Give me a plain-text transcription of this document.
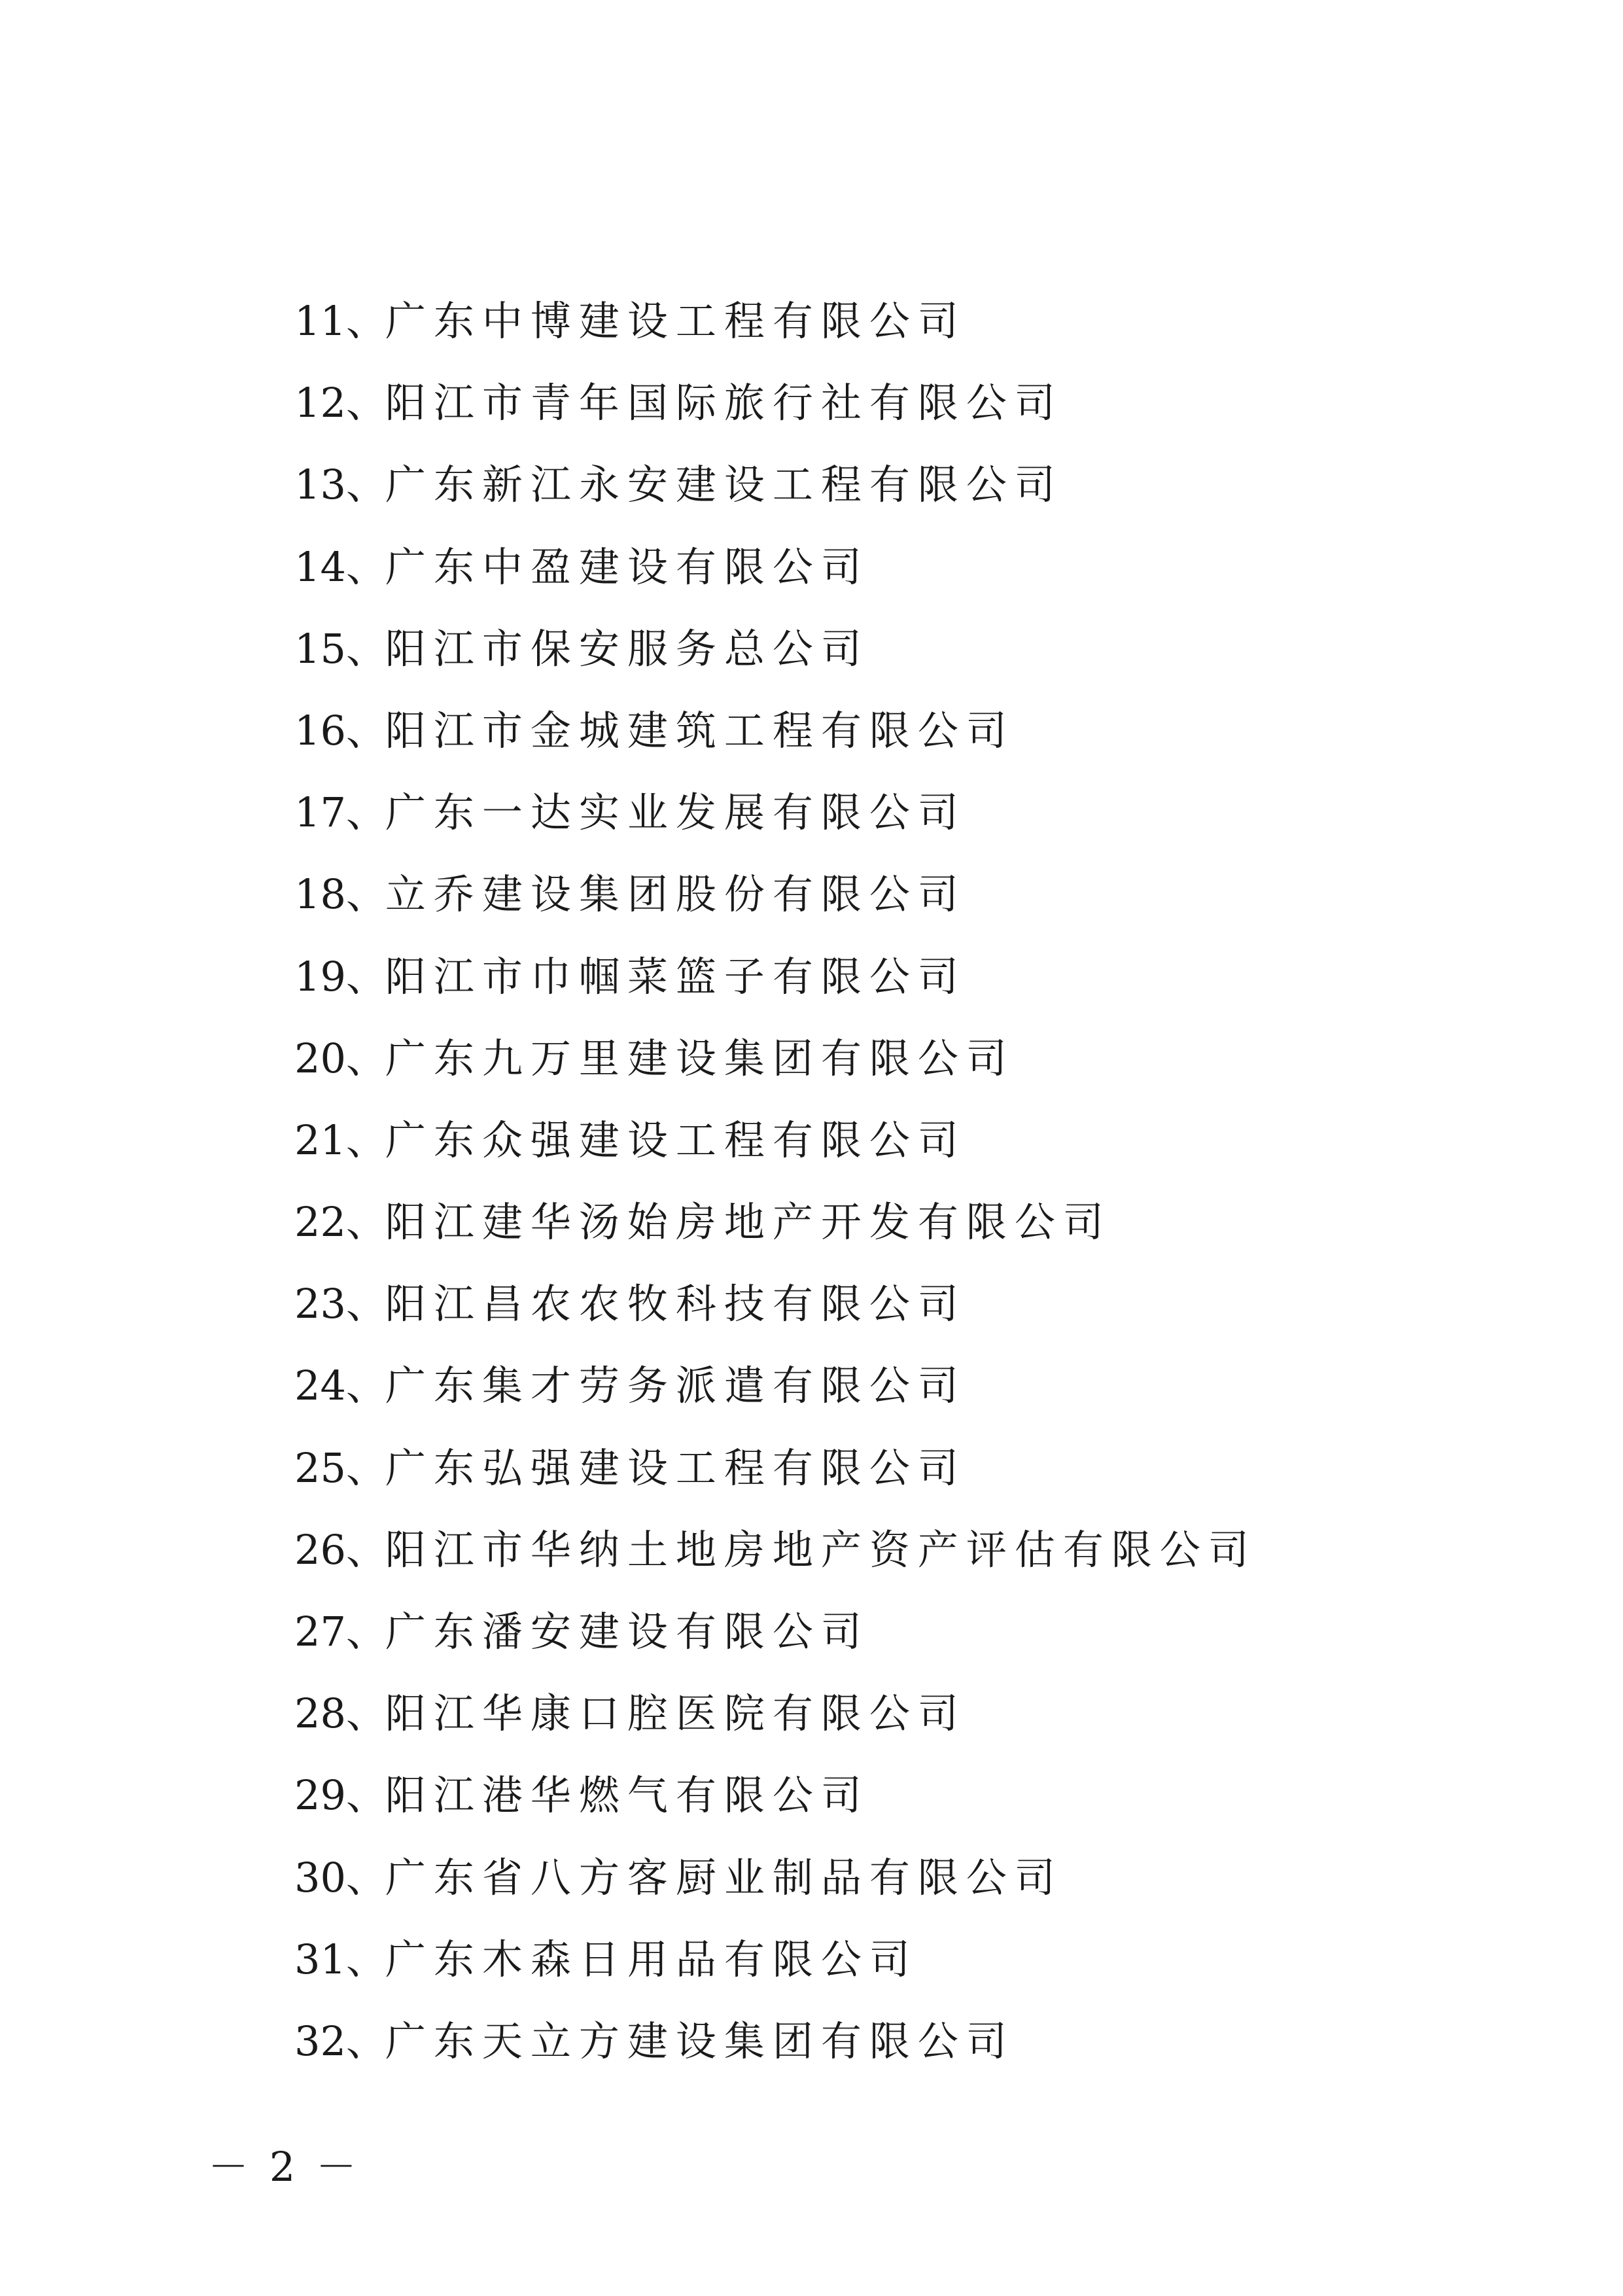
11、广东中博建设工程有限公司
12、阳江市青年国际旅行社有限公司
13、广东新江永安建设工程有限公司
14、广东中盈建设有限公司
15、阳江市保安服务总公司
16、阳江市金城建筑工程有限公司
17、广东一达实业发展有限公司
18、立乔建设集团股份有限公司
19、阳江市巾帼菜篮子有限公司
20、广东九万里建设集团有限公司
21、广东众强建设工程有限公司
22、阳江建华汤始房地产开发有限公司
23、阳江昌农农牧科技有限公司
24、广东集才劳务派遣有限公司
25、广东弘强建设工程有限公司
26、阳江市华纳土地房地产资产评估有限公司
27、广东潘安建设有限公司
28、阳江华康口腔医院有限公司
29、阳江港华燃气有限公司
30、广东省八方客厨业制品有限公司
31、广东木森日用品有限公司
32、广东天立方建设集团有限公司
－ 2 －
